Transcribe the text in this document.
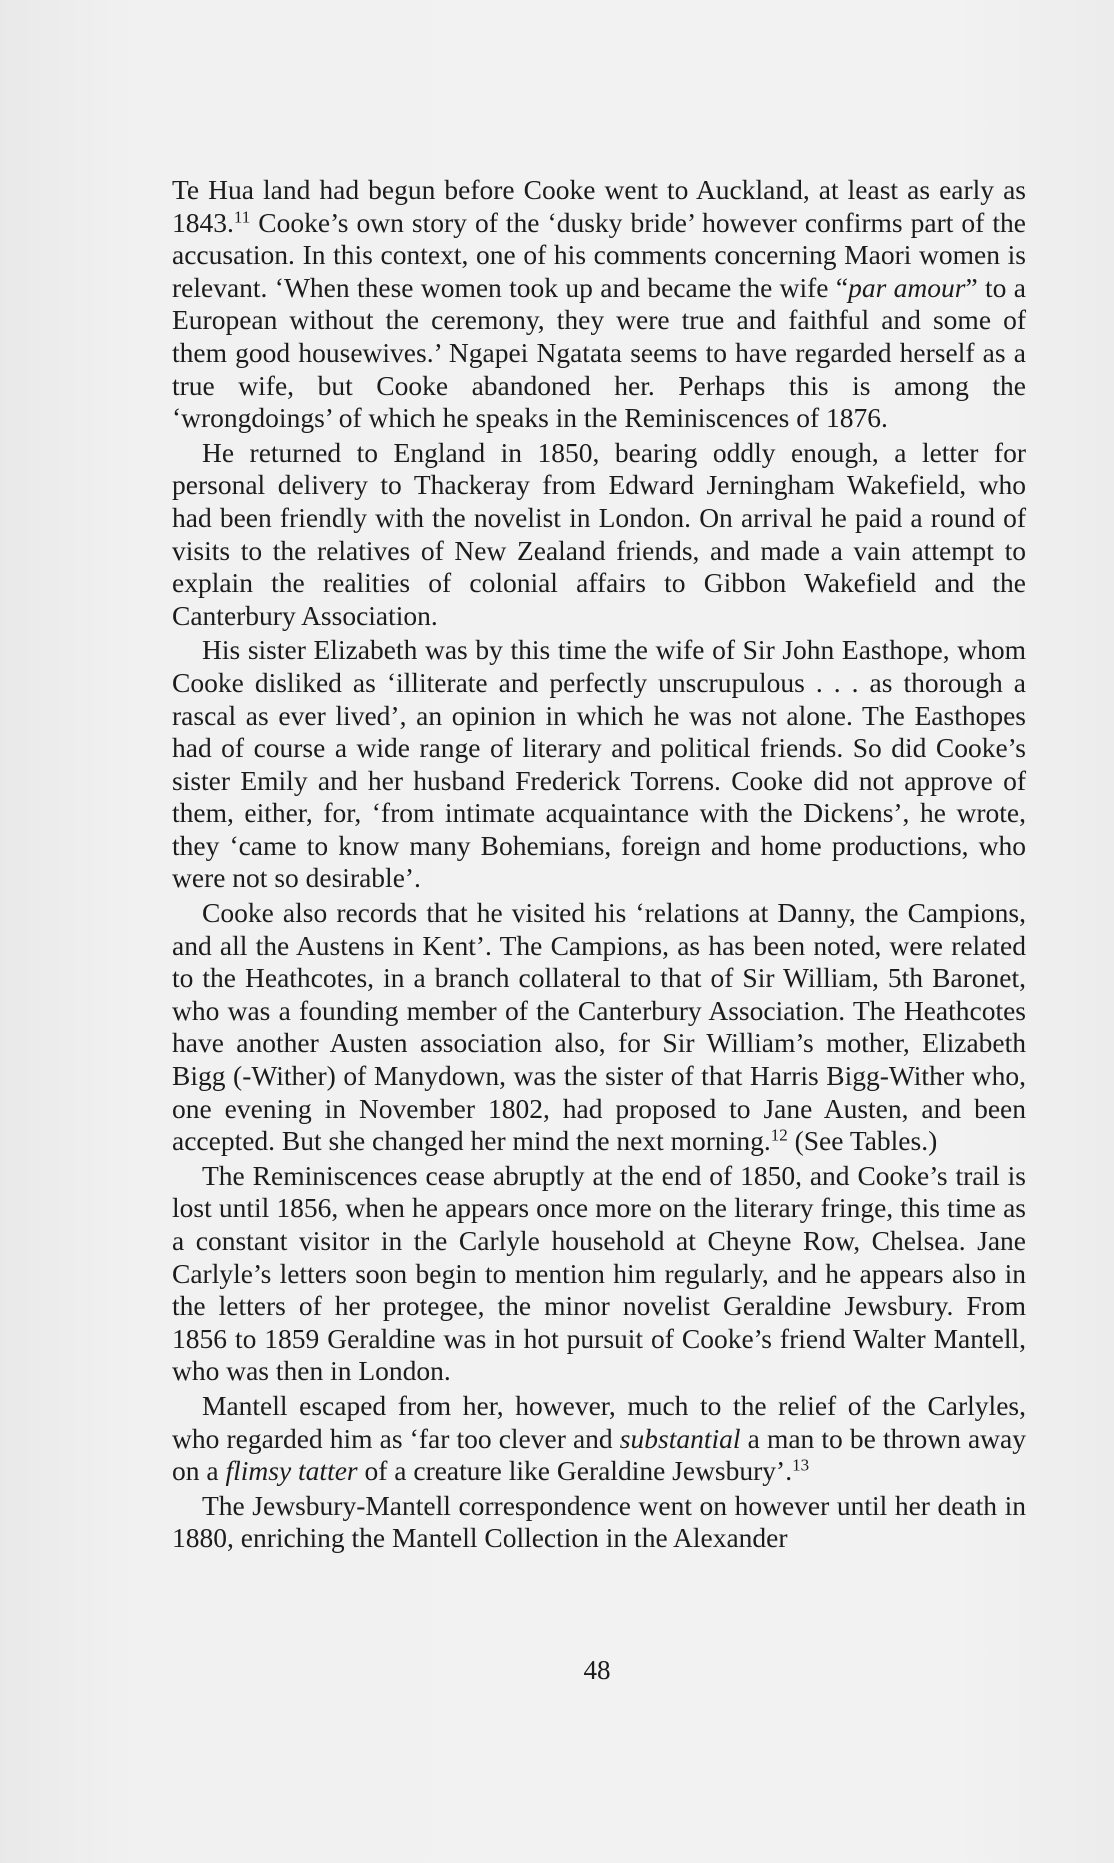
Te Hua land had begun before Cooke went to Auckland, at least as early as 1843.11 Cooke’s own story of the ‘dusky bride’ however confirms part of the accusation. In this context, one of his comments concerning Maori women is relevant. ‘When these women took up and became the wife “par amour” to a European without the ceremony, they were true and faithful and some of them good housewives.’ Ngapei Ngatata seems to have regarded herself as a true wife, but Cooke abandoned her. Perhaps this is among the ‘wrongdoings’ of which he speaks in the Reminiscences of 1876.

He returned to England in 1850, bearing oddly enough, a letter for personal delivery to Thackeray from Edward Jerningham Wakefield, who had been friendly with the novelist in London. On arrival he paid a round of visits to the relatives of New Zealand friends, and made a vain attempt to explain the realities of colonial affairs to Gibbon Wakefield and the Canterbury Association.

His sister Elizabeth was by this time the wife of Sir John Easthope, whom Cooke disliked as ‘illiterate and perfectly unscrupulous . . . as thorough a rascal as ever lived’, an opinion in which he was not alone. The Easthopes had of course a wide range of literary and political friends. So did Cooke’s sister Emily and her husband Frederick Torrens. Cooke did not approve of them, either, for, ‘from intimate acquaintance with the Dickens’, he wrote, they ‘came to know many Bohemians, foreign and home productions, who were not so desirable’.

Cooke also records that he visited his ‘relations at Danny, the Campions, and all the Austens in Kent’. The Campions, as has been noted, were related to the Heathcotes, in a branch collateral to that of Sir William, 5th Baronet, who was a founding member of the Canterbury Association. The Heathcotes have another Austen association also, for Sir William’s mother, Elizabeth Bigg (-Wither) of Manydown, was the sister of that Harris Bigg-Wither who, one evening in November 1802, had proposed to Jane Austen, and been accepted. But she changed her mind the next morning.$^{12}$ (See Tables.)

The Reminiscences cease abruptly at the end of 1850, and Cooke’s trail is lost until 1856, when he appears once more on the literary fringe, this time as a constant visitor in the Carlyle household at Cheyne Row, Chelsea. Jane Carlyle’s letters soon begin to mention him regularly, and he appears also in the letters of her protegee, the minor novelist Geraldine Jewsbury. From 1856 to 1859 Geraldine was in hot pursuit of Cooke’s friend Walter Mantell, who was then in London.

Mantell escaped from her, however, much to the relief of the Carlyles, who regarded him as ‘far too clever and substantial a man to be thrown away on a flimsy tatter of a creature like Geraldine Jewsbury’.$^{13}$

The Jewsbury-Mantell correspondence went on however until her death in 1880, enriching the Mantell Collection in the Alexander

48
